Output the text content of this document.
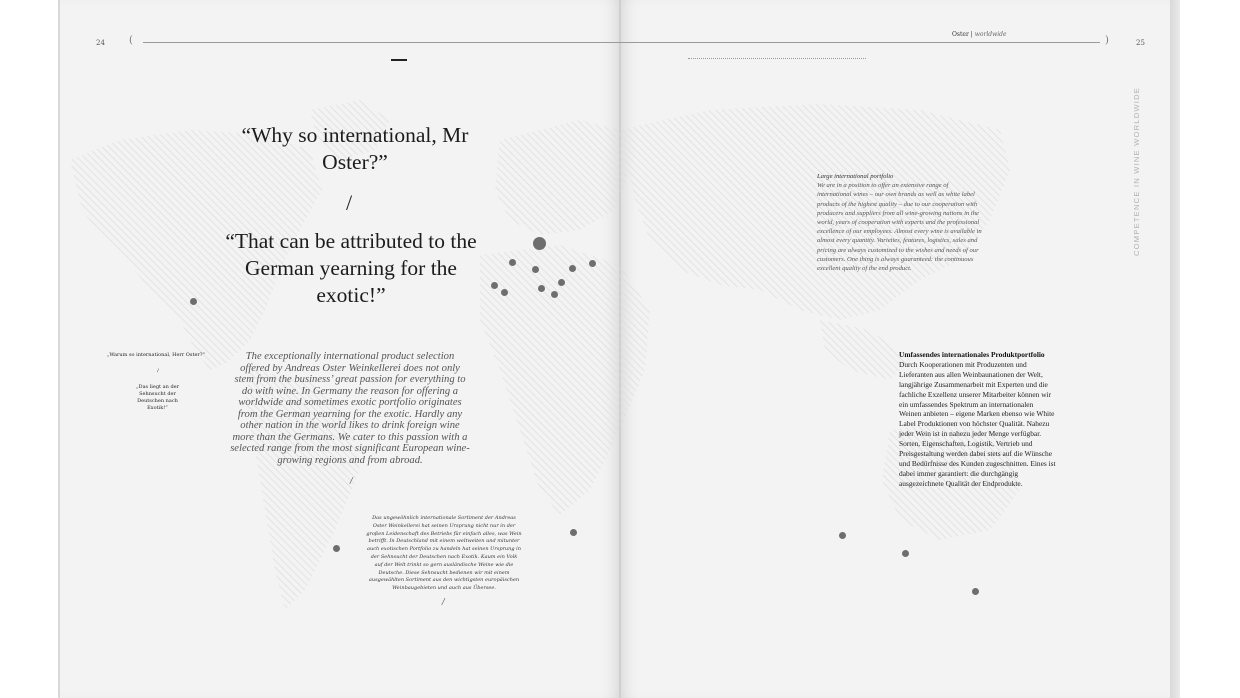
24 (
Oster | worldwide
)	25
“Why so international, Mr Oster?”
/
“That can be attributed to the German yearning for the exotic!”
„Warum so international, Herr Oster?“
/
„Das liegt an der Sehnsucht der Deutschen nach Exotik!“
The exceptionally international product selection offered by Andreas Oster Weinkellerei does not only stem from the business’ great passion for everything to do with wine. In Germany the reason for offering a worldwide and sometimes exotic portfolio originates from the German yearning for the exotic. Hardly any other nation in the world likes to drink foreign wine more than the Germans. We cater to this passion with a selected range from the most significant European wine-growing regions and from abroad.
/
Das ungewöhnlich internationale Sortiment der Andreas Oster Weinkellerei hat seinen Ursprung nicht nur in der großen Leidenschaft des Betriebs für einfach alles, was Wein betrifft. In Deutschland mit einem weltweiten und mitunter auch exotischen Portfolio zu handeln hat seinen Ursprung in der Sehnsucht der Deutschen nach Exotik. Kaum ein Volk auf der Welt trinkt so gern ausländische Weine wie die Deutsche. Diese Sehnsucht bedienen wir mit einem ausgewählten Sortiment aus den wichtigsten europäischen Weinbaugebieten und auch aus Übersee.
/
Large international portfolio
We are in a position to offer an extensive range of international wines – our own brands as well as white label products of the highest quality – due to our cooperation with producers and suppliers from all wine-growing nations in the world, years of cooperation with experts and the professional excellence of our employees. Almost every wine is available in almost every quantity. Varieties, features, logistics, sales and pricing are always customized to the wishes and needs of our customers. One thing is always guaranteed: the continuous excellent quality of the end product.
Umfassendes internationales Produktportfolio
Durch Kooperationen mit Produzenten und Lieferanten aus allen Weinbaunationen der Welt, langjährige Zusammenarbeit mit Experten und die fachliche Exzellenz unserer Mitarbeiter können wir ein umfassendes Spektrum an internationalen Weinen anbieten – eigene Marken ebenso wie White Label Produktionen von höchster Qualität. Nahezu jeder Wein ist in nahezu jeder Menge verfügbar. Sorten, Eigenschaften, Logistik, Vertrieb und Preisgestaltung werden dabei stets auf die Wünsche und Bedürfnisse des Kunden zugeschnitten. Eines ist dabei immer garantiert: die durchgängig ausgezeichnete Qualität der Endprodukte.
COMPETENCE IN WINE WORLDWIDE
